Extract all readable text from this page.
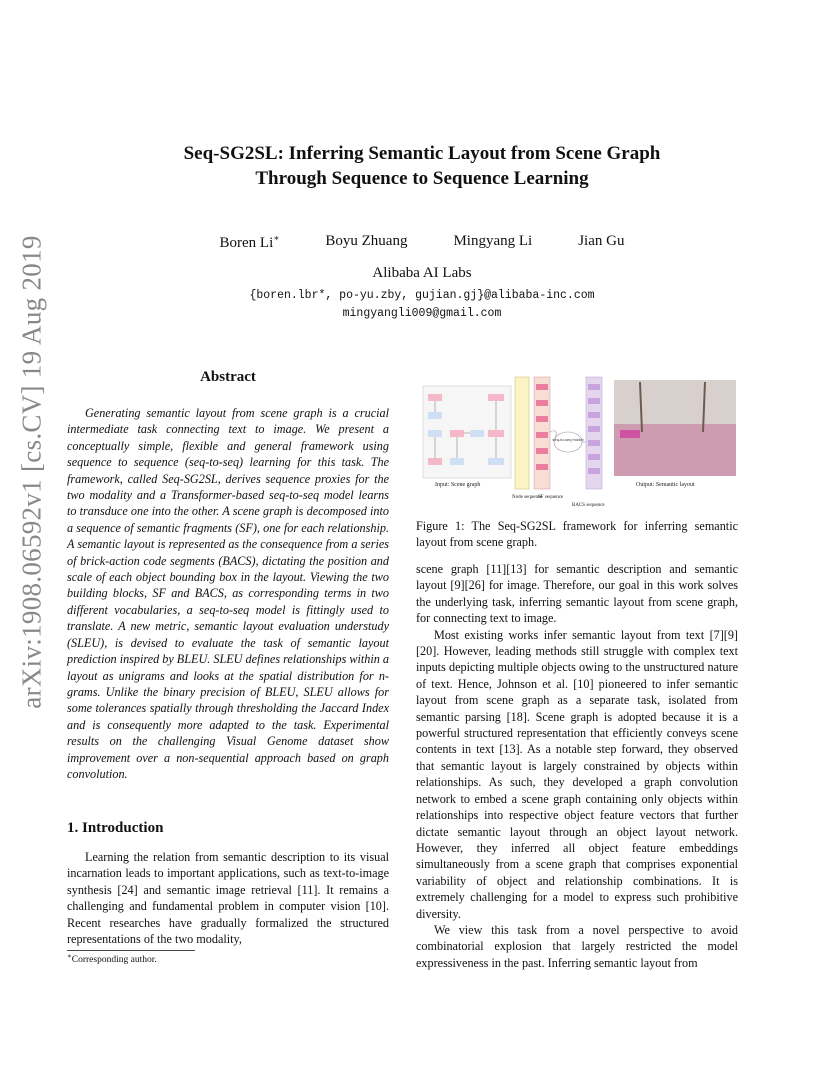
arXiv:1908.06592v1 [cs.CV] 19 Aug 2019
Seq-SG2SL: Inferring Semantic Layout from Scene Graph
Through Sequence to Sequence Learning
Boren Li∗	Boyu Zhuang	Mingyang Li	Jian Gu
Alibaba AI Labs
{boren.lbr*, po-yu.zby, gujian.gj}@alibaba-inc.com
mingyangli009@gmail.com
Abstract
Generating semantic layout from scene graph is a crucial intermediate task connecting text to image. We present a conceptually simple, flexible and general framework using sequence to sequence (seq-to-seq) learning for this task. The framework, called Seq-SG2SL, derives sequence proxies for the two modality and a Transformer-based seq-to-seq model learns to transduce one into the other. A scene graph is decomposed into a sequence of semantic fragments (SF), one for each relationship. A semantic layout is represented as the consequence from a series of brick-action code segments (BACS), dictating the position and scale of each object bounding box in the layout. Viewing the two building blocks, SF and BACS, as corresponding terms in two different vocabularies, a seq-to-seq model is fittingly used to translate. A new metric, semantic layout evaluation understudy (SLEU), is devised to evaluate the task of semantic layout prediction inspired by BLEU. SLEU defines relationships within a layout as unigrams and looks at the spatial distribution for n-grams. Unlike the binary precision of BLEU, SLEU allows for some tolerances spatially through thresholding the Jaccard Index and is consequently more adapted to the task. Experimental results on the challenging Visual Genome dataset show improvement over a non-sequential approach based on graph convolution.
1. Introduction
Learning the relation from semantic description to its visual incarnation leads to important applications, such as text-to-image synthesis [24] and semantic image retrieval [11]. It remains a challenging and fundamental problem in computer vision [10]. Recent researches have gradually formalized the structured representations of the two modality,
∗Corresponding author.
seq-to-seq model
Input: Scene graph
Node sequence
SF sequence
BACS sequence
Output: Semantic layout
Figure 1: The Seq-SG2SL framework for inferring semantic layout from scene graph.

scene graph [11][13] for semantic description and semantic layout [9][26] for image. Therefore, our goal in this work solves the underlying task, inferring semantic layout from scene graph, for connecting text to image.

Most existing works infer semantic layout from text [7][9][20]. However, leading methods still struggle with complex text inputs depicting multiple objects owing to the unstructured nature of text. Hence, Johnson et al. [10] pioneered to infer semantic layout from scene graph as a separate task, isolated from semantic parsing [18]. Scene graph is adopted because it is a powerful structured representation that efficiently conveys scene contents in text [13]. As a notable step forward, they observed that semantic layout is largely constrained by objects within relationships. As such, they developed a graph convolution network to embed a scene graph containing only objects within relationships into respective object feature vectors that further dictate semantic layout through an object layout network. However, they inferred all object feature embeddings simultaneously from a scene graph that comprises exponential variability of object and relationship combinations. It is extremely challenging for a model to express such prohibitive diversity.

We view this task from a novel perspective to avoid combinatorial explosion that largely restricted the model expressiveness in the past. Inferring semantic layout from
